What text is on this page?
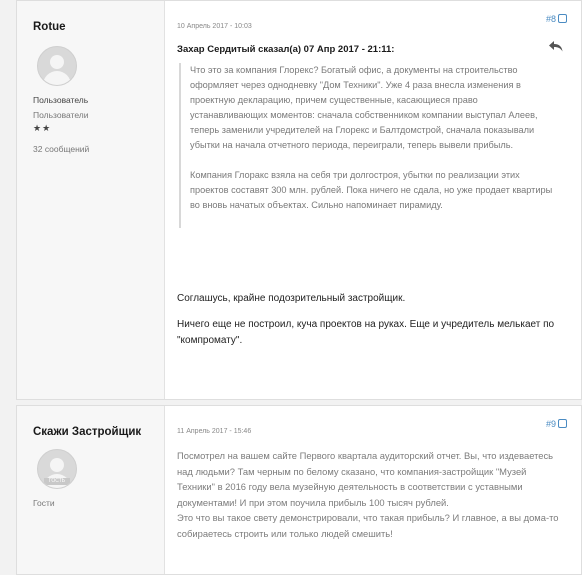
Rotue
Пользователь
Пользователи
★★
32 сообщений
10 Апрель 2017 - 10:03
#8
Захар Сердитый сказал(а) 07 Апр 2017 - 21:11:

Что это за компания Глорекс? Богатый офис, а документы на строительство оформляет через однодневку "Дом Техники". Уже 4 раза внесла изменения в проектную декларацию, причем существенные, касающиеся право устанавливающих моментов: сначала собственником компании выступал Алеев, теперь заменили учредителей на Глорекс и Балтдомстрой, сначала показывали убытки на начала отчетного периода, переиграли, теперь вывели прибыль.

Компания Глоракс взяла на себя три долгостроя, убытки по реализации этих проектов составят 300 млн. рублей. Пока ничего не сдала, но уже продает квартиры во вновь начатых объектах. Сильно напоминает пирамиду.

Соглашусь, крайне подозрительный застройщик.

Ничего еще не построил, куча проектов на руках. Еще и учредитель мелькает по "компромату".

Скажи Застройщик
ГОСТЬ
Гости
11 Апрель 2017 - 15:46
#9
Посмотрел на вашем сайте Первого квартала аудиторский отчет. Вы, что издеваетесь над людьми? Там черным по белому сказано, что компания-застройщик "Музей Техники" в 2016 году вела музейную деятельность в соответствии с уставными документами! И при этом поучила прибыль 100 тысяч рублей.
Это что вы такое свету демонстрировали, что такая прибыль? И главное, а вы дома-то собираетесь строить или только людей смешить!
